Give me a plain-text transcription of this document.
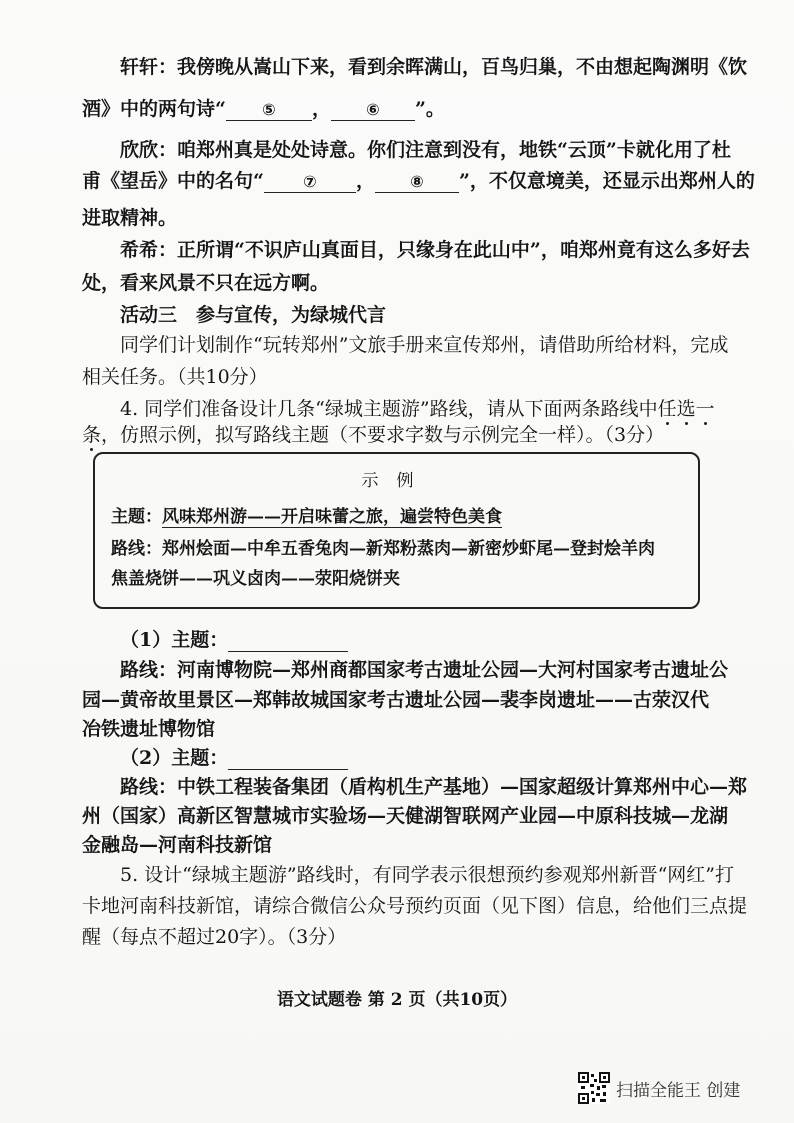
轩轩：我傍晚从嵩山下来，看到余晖满山，百鸟归巢，不由想起陶渊明《饮
酒》中的两句诗“ ⑤ ， ⑥ ”。
欣欣：咱郑州真是处处诗意。你们注意到没有，地铁“云顶”卡就化用了杜
甫《望岳》中的名句“ ⑦ ， ⑧ ”，不仅意境美，还显示出郑州人的
进取精神。
希希：正所谓“不识庐山真面目，只缘身在此山中”，咱郑州竟有这么多好去
处，看来风景不只在远方啊。
活动三　参与宣传，为绿城代言
同学们计划制作“玩转郑州”文旅手册来宣传郑州，请借助所给材料，完成
相关任务。（共10分）
4. 同学们准备设计几条“绿城主题游”路线，请从下面两条路线中任选一
条，仿照示例，拟写路线主题（不要求字数与示例完全一样）。（3分）
示例
主题：风味郑州游——开启味蕾之旅，遍尝特色美食
路线：郑州烩面—中牟五香兔肉—新郑粉蒸肉—新密炒虾尾—登封烩羊肉
焦盖烧饼——巩义卤肉——荥阳烧饼夹
（1）主题：
路线：河南博物院—郑州商都国家考古遗址公园—大河村国家考古遗址公
园—黄帝故里景区—郑韩故城国家考古遗址公园—裴李岗遗址——古荥汉代
冶铁遗址博物馆
（2）主题：
路线：中铁工程装备集团（盾构机生产基地）—国家超级计算郑州中心—郑
州（国家）高新区智慧城市实验场—天健湖智联网产业园—中原科技城—龙湖
金融岛—河南科技新馆
5. 设计“绿城主题游”路线时，有同学表示很想预约参观郑州新晋“网红”打
卡地河南科技新馆，请综合微信公众号预约页面（见下图）信息，给他们三点提
醒（每点不超过20字）。（3分）
语文试题卷 第 2 页（共10页）
扫描全能王 创建
